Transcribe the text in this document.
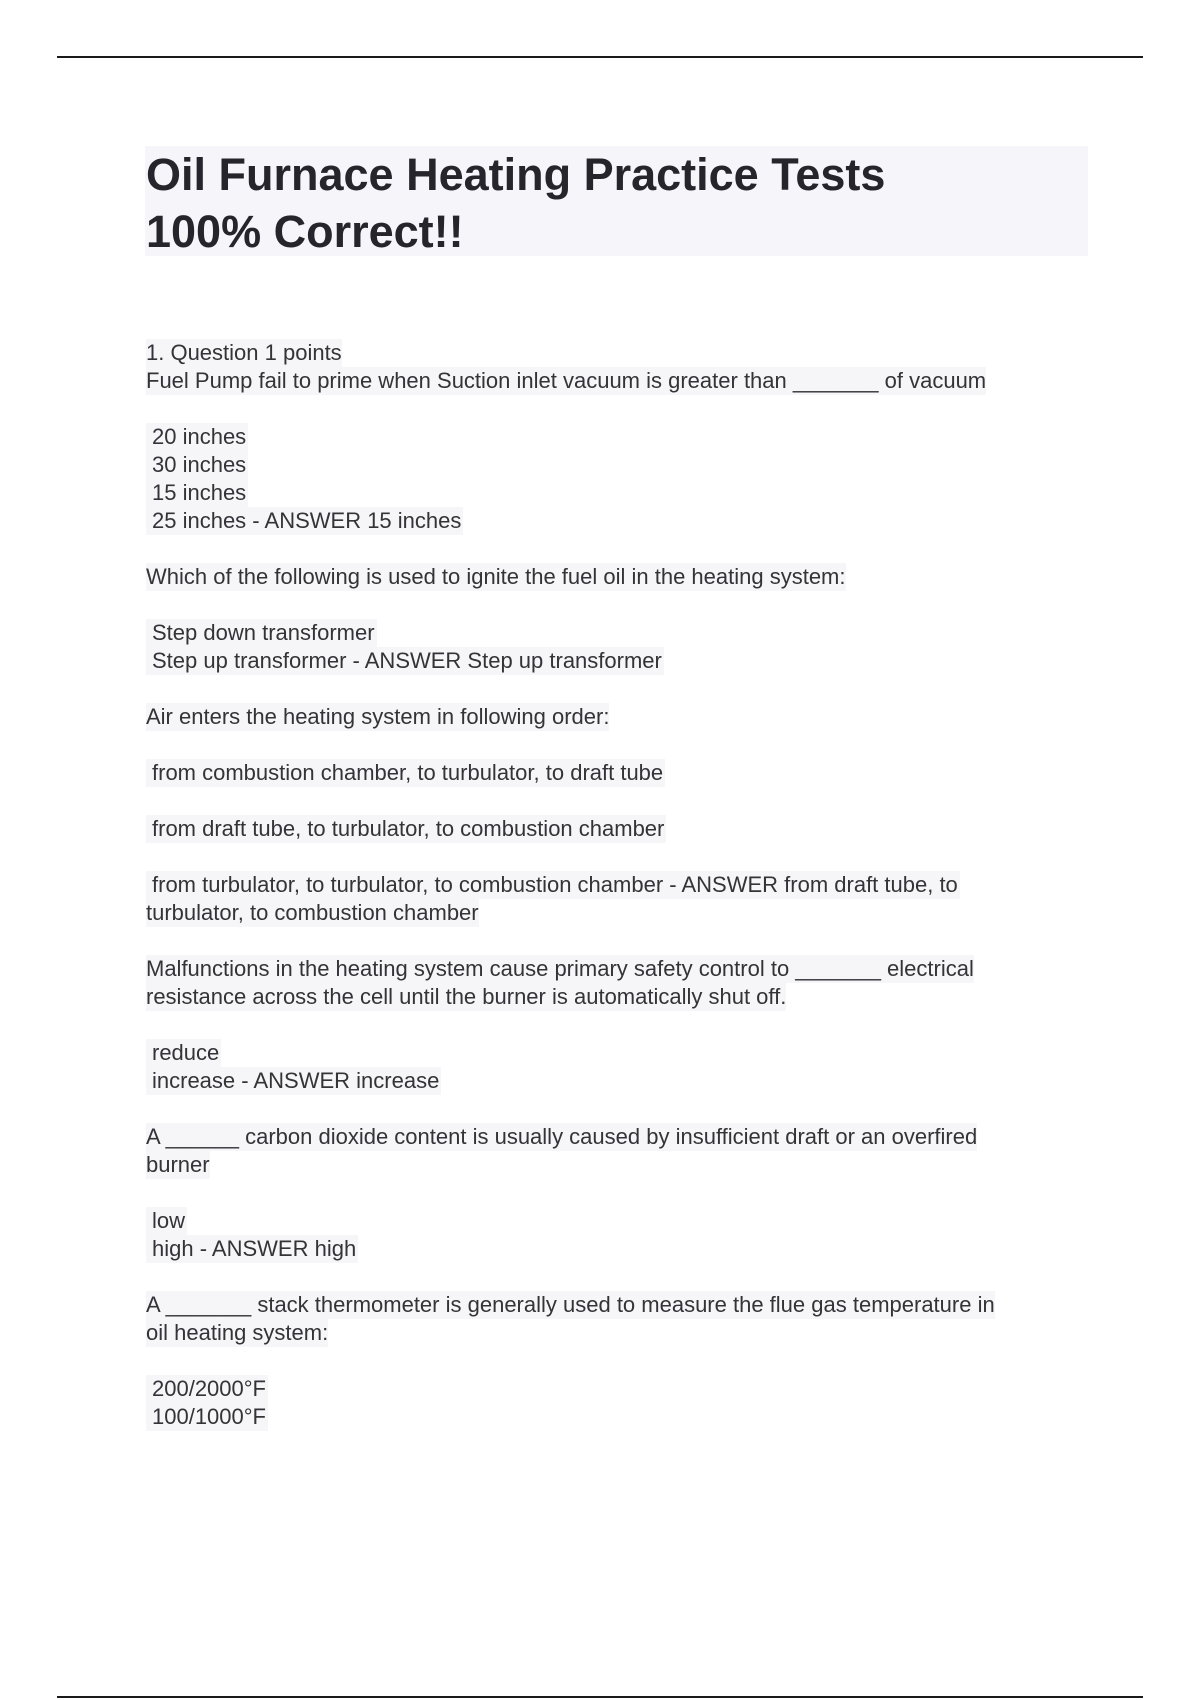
Oil Furnace Heating Practice Tests
100% Correct!!
1. Question 1 points
Fuel Pump fail to prime when Suction inlet vacuum is greater than _______ of vacuum
20 inches
30 inches
15 inches
25 inches - ANSWER 15 inches
Which of the following is used to ignite the fuel oil in the heating system:
Step down transformer
Step up transformer - ANSWER Step up transformer
Air enters the heating system in following order:
from combustion chamber, to turbulator, to draft tube
from draft tube, to turbulator, to combustion chamber
from turbulator, to turbulator, to combustion chamber - ANSWER from draft tube, to
turbulator, to combustion chamber
Malfunctions in the heating system cause primary safety control to _______ electrical
resistance across the cell until the burner is automatically shut off.
reduce
increase - ANSWER increase
A ______ carbon dioxide content is usually caused by insufficient draft or an overfired
burner
low
high - ANSWER high
A _______ stack thermometer is generally used to measure the flue gas temperature in
oil heating system:
200/2000°F
100/1000°F
